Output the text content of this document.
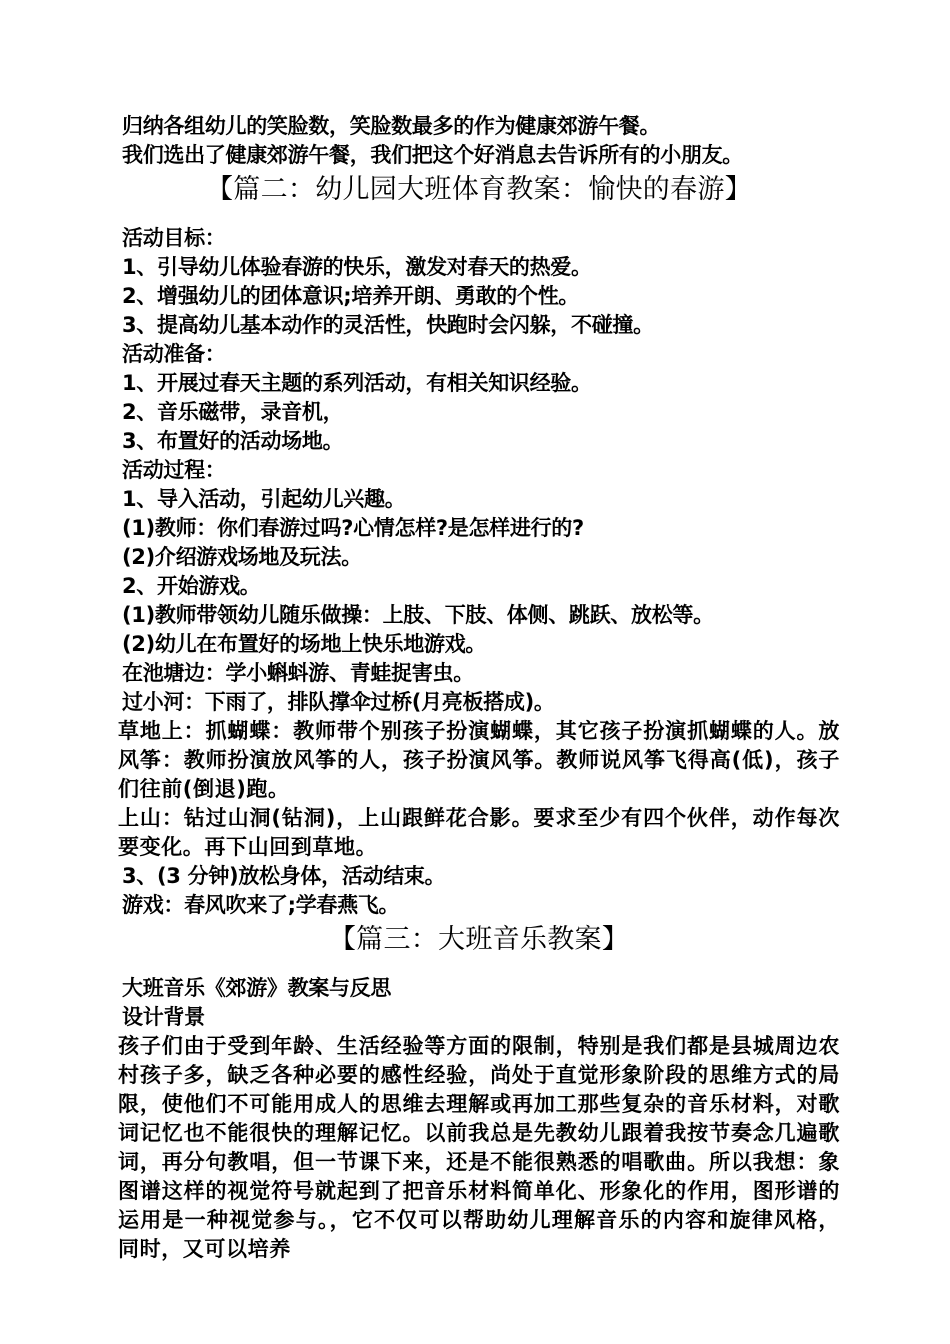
归纳各组幼儿的笑脸数，笑脸数最多的作为健康郊游午餐。
我们选出了健康郊游午餐，我们把这个好消息去告诉所有的小朋友。
【篇二：幼儿园大班体育教案：愉快的春游】
活动目标：
1、引导幼儿体验春游的快乐，激发对春天的热爱。
2、增强幼儿的团体意识;培养开朗、勇敢的个性。
3、提高幼儿基本动作的灵活性，快跑时会闪躲，不碰撞。
活动准备：
1、开展过春天主题的系列活动，有相关知识经验。
2、音乐磁带，录音机，
3、布置好的活动场地。
活动过程：
1、导入活动，引起幼儿兴趣。
(1)教师：你们春游过吗?心情怎样?是怎样进行的?
(2)介绍游戏场地及玩法。
2、开始游戏。
(1)教师带领幼儿随乐做操：上肢、下肢、体侧、跳跃、放松等。
(2)幼儿在布置好的场地上快乐地游戏。
在池塘边：学小蝌蚪游、青蛙捉害虫。
过小河：下雨了，排队撑伞过桥(月亮板搭成)。
草地上：抓蝴蝶：教师带个别孩子扮演蝴蝶，其它孩子扮演抓蝴蝶的人。放风筝：教师扮演放风筝的人，孩子扮演风筝。教师说风筝飞得高(低)，孩子们往前(倒退)跑。
上山：钻过山洞(钻洞)，上山跟鲜花合影。要求至少有四个伙伴，动作每次要变化。再下山回到草地。
3、(3 分钟)放松身体，活动结束。
游戏：春风吹来了;学春燕飞。
【篇三：大班音乐教案】
大班音乐《郊游》教案与反思
设计背景
孩子们由于受到年龄、生活经验等方面的限制，特别是我们都是县城周边农村孩子多，缺乏各种必要的感性经验，尚处于直觉形象阶段的思维方式的局限，使他们不可能用成人的思维去理解或再加工那些复杂的音乐材料，对歌词记忆也不能很快的理解记忆。以前我总是先教幼儿跟着我按节奏念几遍歌词，再分句教唱，但一节课下来，还是不能很熟悉的唱歌曲。所以我想：象图谱这样的视觉符号就起到了把音乐材料简单化、形象化的作用，图形谱的运用是一种视觉参与。，它不仅可以帮助幼儿理解音乐的内容和旋律风格，同时，又可以培养
